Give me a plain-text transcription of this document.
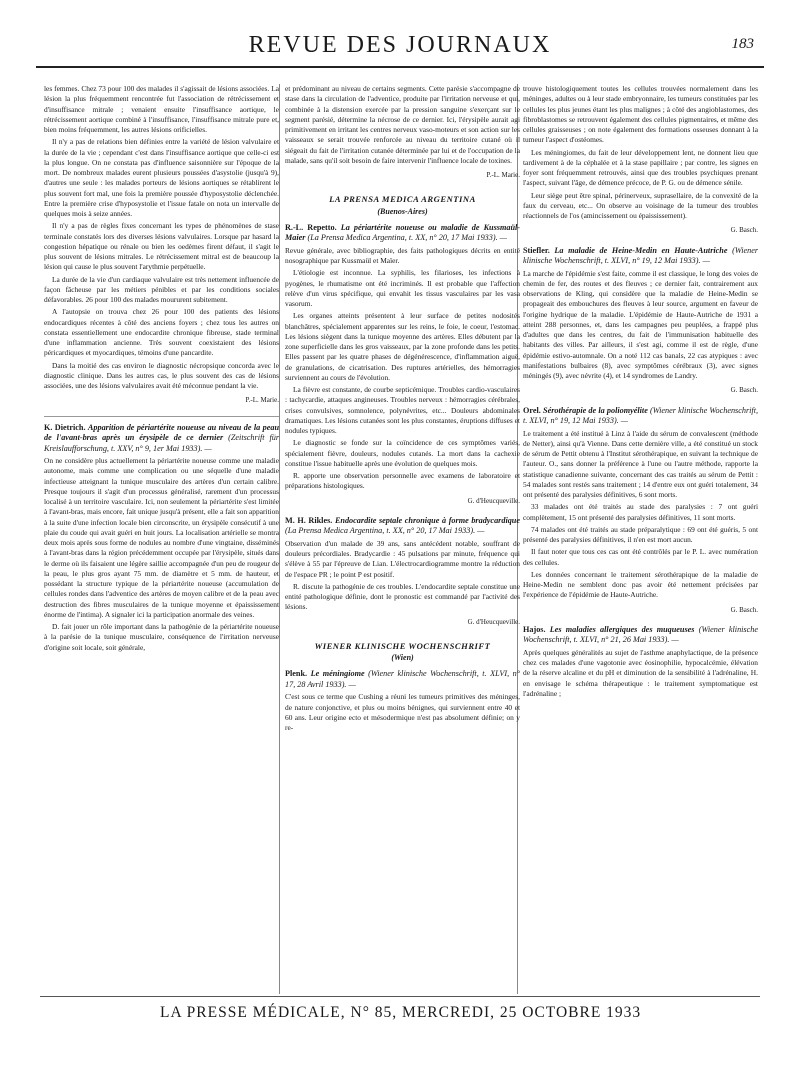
REVUE DES JOURNAUX	183

les femmes. Chez 73 pour 100 des malades il s'agissait de lésions associées. La lésion la plus fréquemment rencontrée fut l'association de rétrécissement et d'insuffisance mitrale ; venaient ensuite l'insuffisance aortique, le rétrécissement aortique combiné à l'insuffisance, l'insuffisance mitrale pure et, bien moins fréquemment, les autres lésions orificielles.

Il n'y a pas de relations bien définies entre la variété de lésion valvulaire et la durée de la vie ; cependant c'est dans l'insuffisance aortique que celle-ci est la plus longue. On ne constata pas d'influence saisonnière sur l'époque de la mort. De nombreux malades eurent plusieurs poussées d'asystolie (jusqu'à 9), d'autres une seule : les malades porteurs de lésions aortiques se rétablirent le plus souvent fort mal, une fois la première poussée d'hyposystolie déclenchée. Entre la première crise d'hyposystolie et l'issue fatale on nota un intervalle de quelques mois à seize années.

Il n'y a pas de règles fixes concernant les types de phénomènes de stase terminale constatés lors des diverses lésions valvulaires. Lorsque par hasard la congestion hépatique ou rénale ou bien les oedèmes firent défaut, il s'agit le plus souvent de lésions mitrales. Le rétrécissement mitral est de beaucoup la lésion qui cause le plus souvent l'arythmie perpétuelle.

La durée de la vie d'un cardiaque valvulaire est très nettement influencée de façon fâcheuse par les métiers pénibles et par les conditions sociales défavorables. 26 pour 100 des malades moururent subitement.

A l'autopsie on trouva chez 26 pour 100 des patients des lésions endocardiques récentes à côté des anciens foyers ; chez tous les autres on constata essentiellement une endocardite chronique fibreuse, stade terminal d'une inflammation ancienne. Très souvent coexistaient des lésions péricardiques et myocardiques, témoins d'une pancardite.

Dans la moitié des cas environ le diagnostic nécropsique concorda avec le diagnostic clinique. Dans les autres cas, le plus souvent des cas de lésions associées, une des lésions valvulaires avait été méconnue pendant la vie.

P.-L. Marie.
K. Dietrich. Apparition de périartérite noueuse au niveau de la peau de l'avant-bras après un érysipèle de ce dernier (Zeitschrift für Kreislaufforschung, t. XXV, n° 9, 1er Mai 1933). —

On ne considère plus actuellement la périartérite noueuse comme une maladie autonome, mais comme une complication ou une séquelle d'une maladie infectieuse atteignant la tunique musculaire des artères d'un certain calibre. Presque toujours il s'agit d'un processus généralisé, rarement d'un processus localisé à un territoire vasculaire. Ici, non seulement la périartérite s'est limitée à l'avant-bras, mais encore, fait unique jusqu'à présent, elle a fait son apparition à la suite d'une infection locale bien circonscrite, un érysipèle consécutif à une plaie du coude qui avait guéri en huit jours. La localisation artérielle se montra deux mois après sous forme de nodules au nombre d'une vingtaine, disséminés à l'avant-bras dans la région précédemment occupée par l'érysipèle, situés dans le derme où ils faisaient une légère saillie accompagnée d'un peu de rougeur de la peau, le plus gros ayant 75 mm. de diamètre et 5 mm. de hauteur, et possédant la structure typique de la périartérite noueuse (accumulation de cellules rondes dans l'adventice des artères de moyen calibre et de la peau avec destruction des fibres musculaires de la tunique moyenne et épaississement énorme de l'intima). A signaler ici la participation anormale des veines.

D. fait jouer un rôle important dans la pathogénie de la périartérite noueuse à la parésie de la tunique musculaire, conséquence de l'irritation nerveuse d'origine soit locale, soit générale,

et prédominant au niveau de certains segments. Cette parésie s'accompagne de stase dans la circulation de l'adventice, produite par l'irritation nerveuse et qui, combinée à la distension exercée par la pression sanguine s'exerçant sur le segment parésié, détermine la nécrose de ce dernier. Ici, l'érysipèle aurait agi primitivement en irritant les centres nerveux vaso-moteurs et son action sur les vaisseaux se serait trouvée renforcée au niveau du territoire cutané où il siégeait du fait de l'irritation cutanée déterminée par lui et de l'occupation de la malade, sans qu'il soit besoin de faire intervenir l'influence locale de toxines.

P.-L. Marie.
LA PRENSA MEDICA ARGENTINA
(Buenos-Aires)
R.-L. Repetto. La périartérite noueuse ou maladie de Kussmaül-Maier (La Prensa Medica Argentina, t. XX, n° 20, 17 Mai 1933). —

Revue générale, avec bibliographie, des faits pathologiques décrits en entité nosographique par Kussmaül et Maïer.

L'étiologie est inconnue. La syphilis, les filarioses, les infections à pyogènes, le rhumatisme ont été incriminés. Il est probable que l'affection relève d'un virus spécifique, qui envahit les tissus vasculaires par les vasa vasorum.

Les organes atteints présentent à leur surface de petites nodosités blanchâtres, spécialement apparentes sur les reins, le foie, le coeur, l'estomac. Les lésions siègent dans la tunique moyenne des artères. Elles débutent par la zone superficielle dans les gros vaisseaux, par la zone profonde dans les petits. Elles passent par les quatre phases de dégénérescence, d'inflammation aiguë, de granulations, de cicatrisation. Des ruptures artérielles, des hémorragies surviennent au cours de l'évolution.

La fièvre est constante, de courbe septicémique. Troubles cardio-vasculaires : tachycardie, attaques angineuses. Troubles nerveux : hémorragies cérébrales, crises convulsives, somnolence, polynévrites, etc... Douleurs abdominales dramatiques. Les lésions cutanées sont les plus constantes, éruptions diffuses et nodules typiques.

Le diagnostic se fonde sur la coïncidence de ces symptômes variés, spécialement fièvre, douleurs, nodules cutanés. La mort dans la cachexie constitue l'issue habituelle après une évolution de quelques mois.

R. apporte une observation personnelle avec examens de laboratoire et préparations histologiques.

G. d'Heucqueville.
M. H. Rikles. Endocardite septale chronique à forme bradycardique (La Prensa Medica Argentina, t. XX, n° 20, 17 Mai 1933). —

Observation d'un malade de 39 ans, sans antécédent notable, souffrant de douleurs précordiales. Bradycardie : 45 pulsations par minute, fréquence qui s'élève à 55 par l'épreuve de Lian. L'électrocardiogramme montre la réduction de l'espace PR ; le point P est positif.

R. discute la pathogénie de ces troubles. L'endocardite septale constitue une entité pathologique définie, dont le pronostic est commandé par l'activité des lésions.

G. d'Heucqueville.
WIENER KLINISCHE WOCHENSCHRIFT
(Wien)
Plenk. Le méningiome (Wiener klinische Wochenschrift, t. XLVI, n° 17, 28 Avril 1933). —

C'est sous ce terme que Cushing a réuni les tumeurs primitives des méninges, de nature conjonctive, et plus ou moins bénignes, qui surviennent entre 40 et 60 ans. Leur origine ecto et mésodermique n'est pas absolument définie; on y re-

trouve histologiquement toutes les cellules trouvées normalement dans les méninges, adultes ou à leur stade embryonnaire, les tumeurs constituées par les cellules les plus jeunes étant les plus malignes ; à côté des angioblastomes, des fibroblastomes se retrouvent également des cellules pigmentaires, et même des cellules graisseuses ; on note également des formations osseuses donnant à la tumeur l'aspect d'ostéomes.

Les méningiomes, du fait de leur développement lent, ne donnent lieu que tardivement à de la céphalée et à la stase papillaire ; par contre, les signes en foyer sont fréquemment retrouvés, ainsi que des troubles psychiques prenant l'aspect, suivant l'âge, de démence précoce, de P. G. ou de démence sénile.

Leur siège peut être spinal, périnerveux, suprasellaire, de la convexité de la faux du cerveau, etc... On observe au voisinage de la tumeur des troubles réactionnels de l'os (amincissement ou épaississement).

G. Basch.
Stiefler. La maladie de Heine-Medin en Haute-Autriche (Wiener klinische Wochenschrift, t. XLVI, n° 19, 12 Mai 1933). —

La marche de l'épidémie s'est faite, comme il est classique, le long des voies de chemin de fer, des routes et des fleuves ; ce dernier fait, contrairement aux observations de Kling, qui considère que la maladie de Heine-Medin se propageait des embouchures des fleuves à leur source, argument en faveur de l'origine hydrique de la maladie. L'épidémie de Haute-Autriche de 1931 a atteint 288 personnes, et, dans les campagnes peu peuplées, a frappé plus d'adultes que dans les centres, du fait de l'immunisation habituelle des habitants des villes. Par ailleurs, il s'est agi, comme il est de règle, d'une épidémie estivo-automnale. On a noté 112 cas banals, 22 cas atypiques : avec manifestations bulbaires (8), avec symptômes cérébraux (3), avec signes méningés (9), avec névrite (4), et 14 syndromes de Landry.

G. Basch.
Orel. Sérothérapie de la poliomyélite (Wiener klinische Wochenschrift, t. XLVI, n° 19, 12 Mai 1933). —

Le traitement a été institué à Linz à l'aide du sérum de convalescent (méthode de Netter), ainsi qu'à Vienne. Dans cette dernière ville, a été constitué un stock de sérum de Pettit obtenu à l'Institut sérothérapique, en suivant la technique de l'auteur. O., sans donner la préférence à l'une ou l'autre méthode, rapporte la statistique canadienne suivante, concernant des cas traités au sérum de Pettit : 54 malades sont restés sans traitement ; 14 d'entre eux ont guéri totalement, 34 ont présenté des paralysies définitives, 6 sont morts.

33 malades ont été traités au stade des paralysies : 7 ont guéri complètement, 15 ont présenté des paralysies définitives, 11 sont morts.

74 malades ont été traités au stade préparalytique : 69 ont été guéris, 5 ont présenté des paralysies définitives, il n'en est mort aucun.

Il faut noter que tous ces cas ont été contrôlés par le P. L. avec numération des cellules.

Les données concernant le traitement sérothérapique de la maladie de Heine-Medin ne semblent donc pas avoir été nettement précisées par l'expérience de l'épidémie de Haute-Autriche.

G. Basch.
Hajos. Les maladies allergiques des muqueuses (Wiener klinische Wochenschrift, t. XLVI, n° 21, 26 Mai 1933). —

Après quelques généralités au sujet de l'asthme anaphylactique, de la présence chez ces malades d'une vagotonie avec éosinophilie, hypocalcémie, élévation de la réserve alcaline et du pH et diminution de la sensibilité à l'adrénaline, H. en envisage le schéma thérapeutique : le traitement symptomatique est l'adrénaline ;

LA PRESSE MÉDICALE, N° 85, MERCREDI, 25 OCTOBRE 1933
